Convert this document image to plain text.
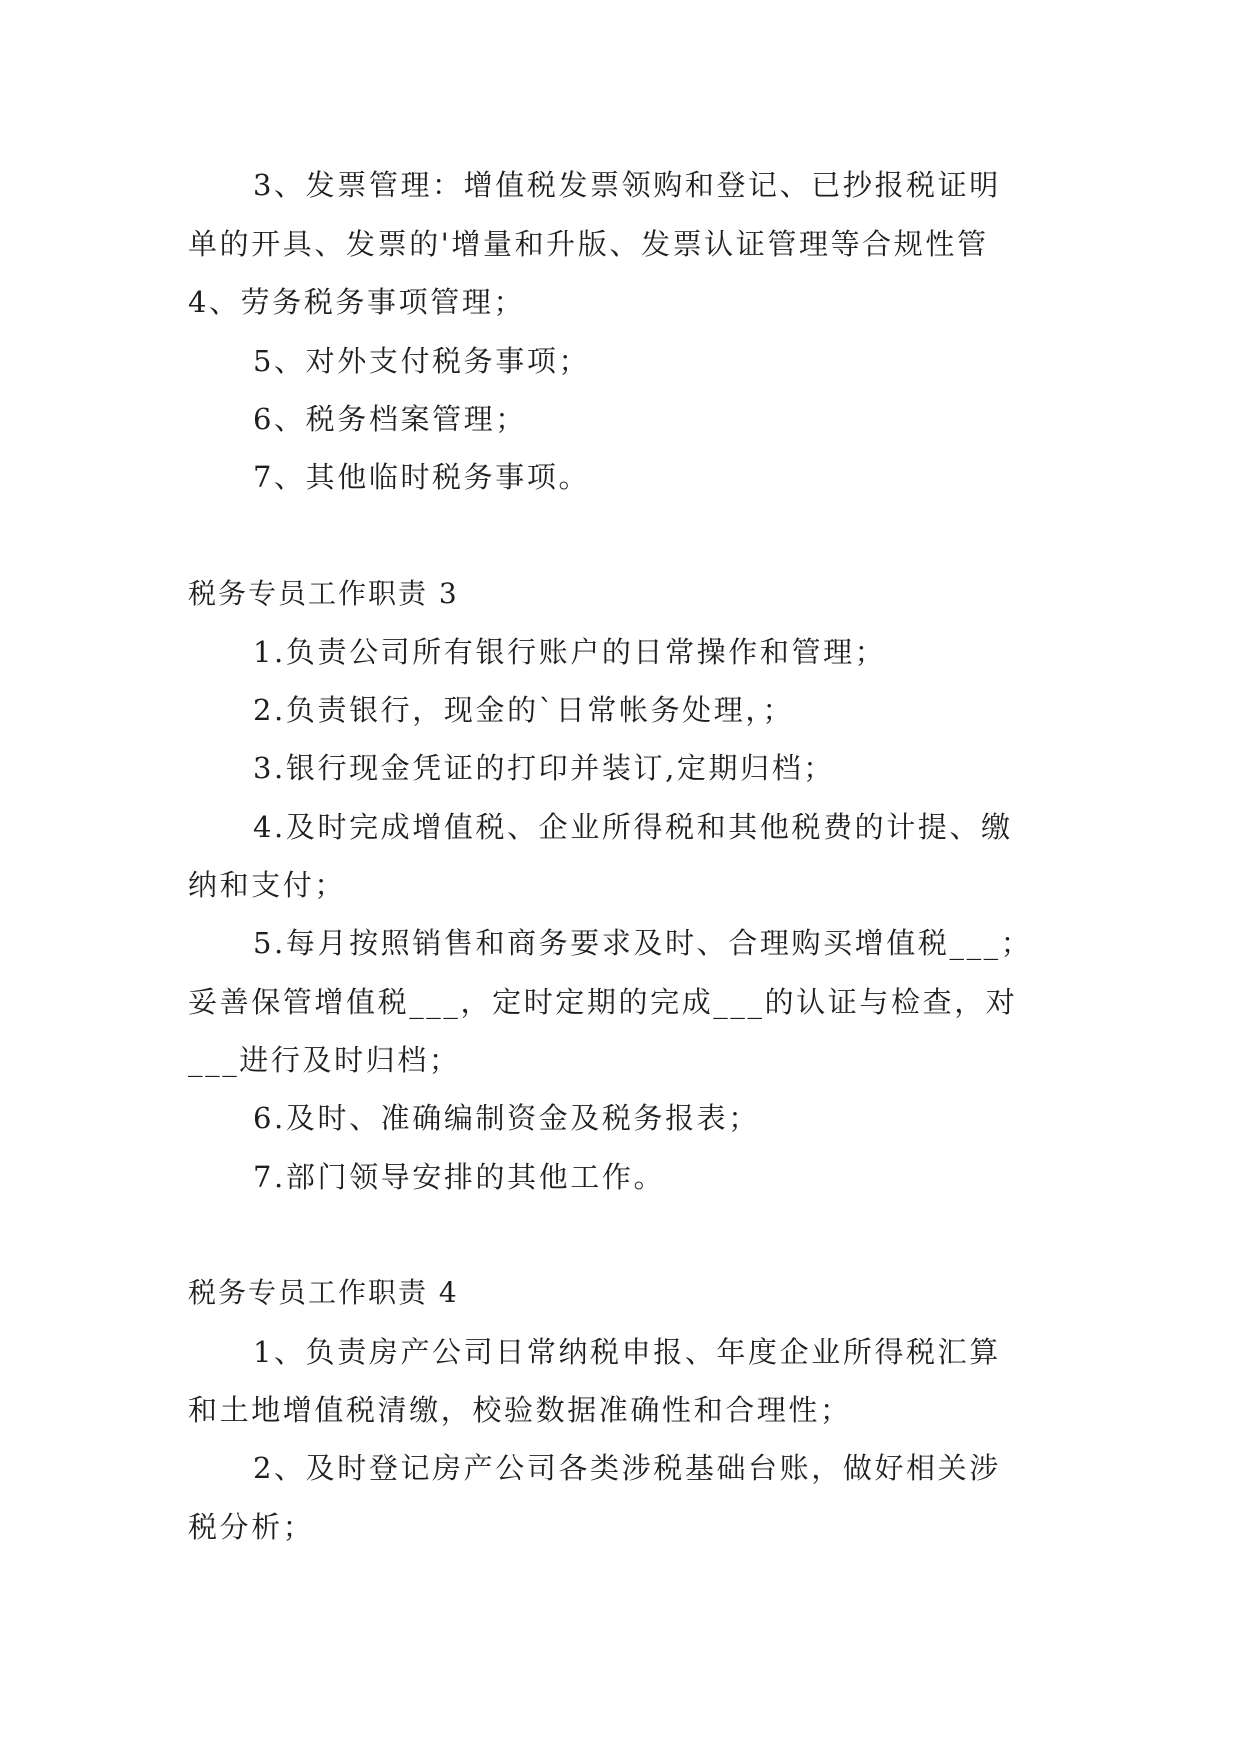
3、发票管理：增值税发票领购和登记、已抄报税证明
单的开具、发票的'增量和升版、发票认证管理等合规性管
4、劳务税务事项管理；
5、对外支付税务事项；
6、税务档案管理；
7、其他临时税务事项。
税务专员工作职责 3
1.负责公司所有银行账户的日常操作和管理；
2.负责银行，现金的`日常帐务处理，；
3.银行现金凭证的打印并装订,定期归档；
4.及时完成增值税、企业所得税和其他税费的计提、缴
纳和支付；
5.每月按照销售和商务要求及时、合理购买增值税___；
妥善保管增值税___，定时定期的完成___的认证与检查，对
___进行及时归档；
6.及时、准确编制资金及税务报表；
7.部门领导安排的其他工作。
税务专员工作职责 4
1、负责房产公司日常纳税申报、年度企业所得税汇算
和土地增值税清缴，校验数据准确性和合理性；
2、及时登记房产公司各类涉税基础台账，做好相关涉
税分析；
